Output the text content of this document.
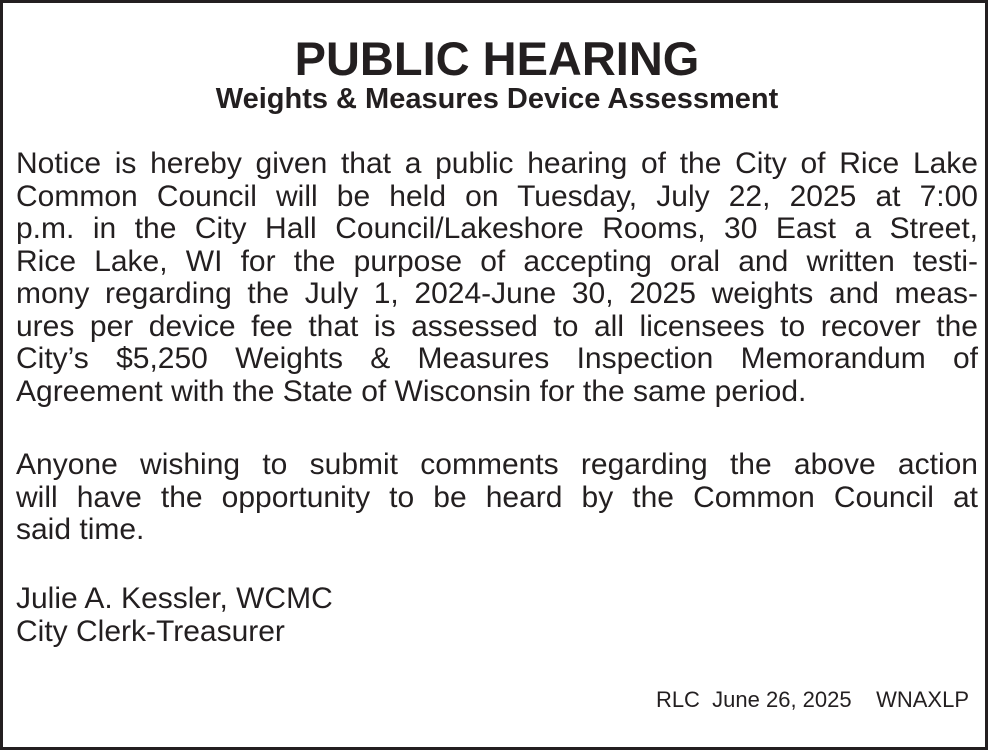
PUBLIC HEARING
Weights & Measures Device Assessment

Notice is hereby given that a public hearing of the City of Rice Lake
Common Council will be held on Tuesday, July 22, 2025 at 7:00
p.m. in the City Hall Council/Lakeshore Rooms, 30 East a Street,
Rice Lake, WI for the purpose of accepting oral and written testi-
mony regarding the July 1, 2024-June 30, 2025 weights and meas-
ures per device fee that is assessed to all licensees to recover the
City’s $5,250 Weights & Measures Inspection Memorandum of
Agreement with the State of Wisconsin for the same period.

Anyone wishing to submit comments regarding the above action
will have the opportunity to be heard by the Common Council at
said time.

Julie A. Kessler, WCMC
City Clerk-Treasurer

RLC  June 26, 2025    WNAXLP
